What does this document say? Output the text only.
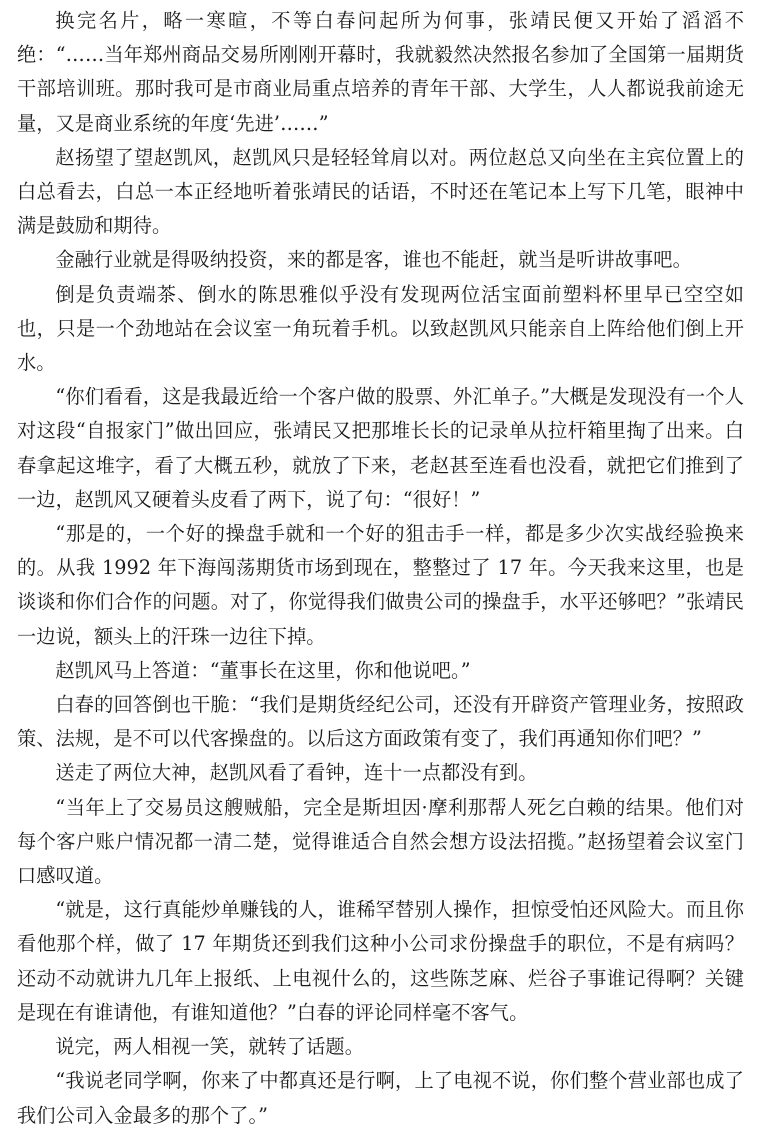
换完名片，略一寒暄，不等白春问起所为何事，张靖民便又开始了滔滔不绝：“……当年郑州商品交易所刚刚开幕时，我就毅然决然报名参加了全国第一届期货干部培训班。那时我可是市商业局重点培养的青年干部、大学生，人人都说我前途无量，又是商业系统的年度‘先进’……”

赵扬望了望赵凯风，赵凯风只是轻轻耸肩以对。两位赵总又向坐在主宾位置上的白总看去，白总一本正经地听着张靖民的话语，不时还在笔记本上写下几笔，眼神中满是鼓励和期待。

金融行业就是得吸纳投资，来的都是客，谁也不能赶，就当是听讲故事吧。

倒是负责端茶、倒水的陈思雅似乎没有发现两位活宝面前塑料杯里早已空空如也，只是一个劲地站在会议室一角玩着手机。以致赵凯风只能亲自上阵给他们倒上开水。

“你们看看，这是我最近给一个客户做的股票、外汇单子。”大概是发现没有一个人对这段“自报家门”做出回应，张靖民又把那堆长长的记录单从拉杆箱里掏了出来。白春拿起这堆字，看了大概五秒，就放了下来，老赵甚至连看也没看，就把它们推到了一边，赵凯风又硬着头皮看了两下，说了句：“很好！”

“那是的，一个好的操盘手就和一个好的狙击手一样，都是多少次实战经验换来的。从我 1992 年下海闯荡期货市场到现在，整整过了 17 年。今天我来这里，也是谈谈和你们合作的问题。对了，你觉得我们做贵公司的操盘手，水平还够吧？”张靖民一边说，额头上的汗珠一边往下掉。

赵凯风马上答道：“董事长在这里，你和他说吧。”

白春的回答倒也干脆：“我们是期货经纪公司，还没有开辟资产管理业务，按照政策、法规，是不可以代客操盘的。以后这方面政策有变了，我们再通知你们吧？”

送走了两位大神，赵凯风看了看钟，连十一点都没有到。

“当年上了交易员这艘贼船，完全是斯坦因·摩利那帮人死乞白赖的结果。他们对每个客户账户情况都一清二楚，觉得谁适合自然会想方设法招揽。”赵扬望着会议室门口感叹道。

“就是，这行真能炒单赚钱的人，谁稀罕替别人操作，担惊受怕还风险大。而且你看他那个样，做了 17 年期货还到我们这种小公司求份操盘手的职位，不是有病吗？还动不动就讲九几年上报纸、上电视什么的，这些陈芝麻、烂谷子事谁记得啊？关键是现在有谁请他，有谁知道他？”白春的评论同样毫不客气。

说完，两人相视一笑，就转了话题。

“我说老同学啊，你来了中都真还是行啊，上了电视不说，你们整个营业部也成了我们公司入金最多的那个了。”
